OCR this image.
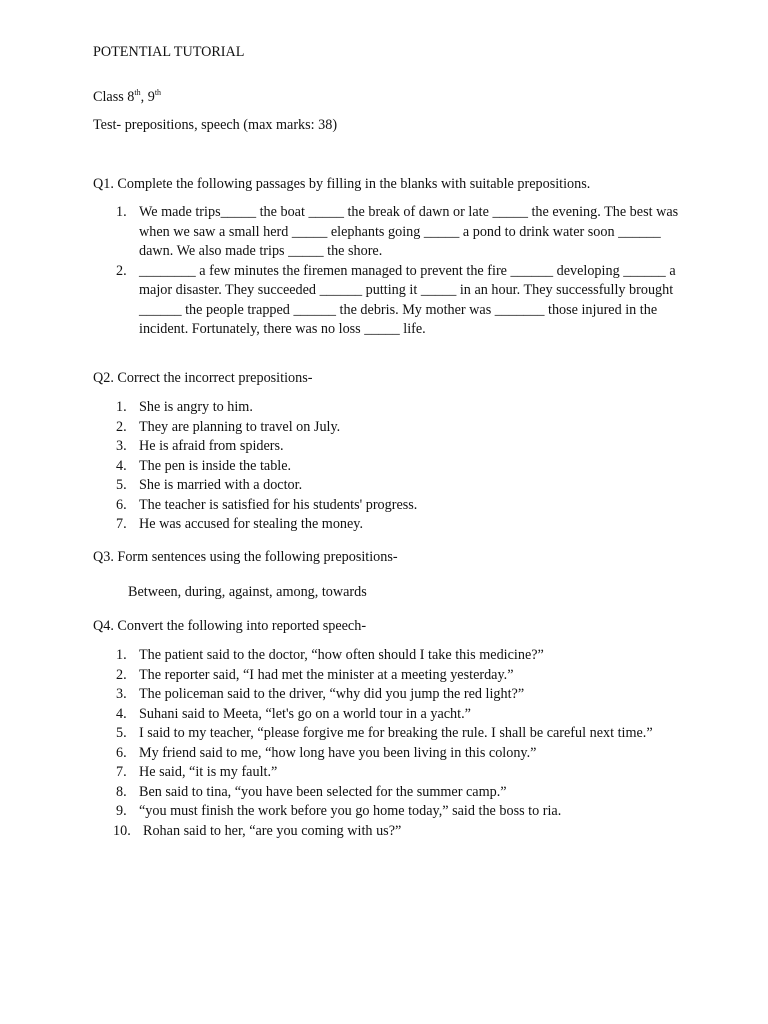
POTENTIAL TUTORIAL
Class 8th, 9th
Test- prepositions, speech (max marks: 38)
Q1. Complete the following passages by filling in the blanks with suitable prepositions.
1. We made trips_____ the boat _____ the break of dawn or late _____ the evening. The best was when we saw a small herd _____ elephants going _____ a pond to drink water soon ______ dawn. We also made trips _____ the shore.
2. ________ a few minutes the firemen managed to prevent the fire ______ developing ______ a major disaster. They succeeded ______ putting it _____ in an hour. They successfully brought ______ the people trapped ______ the debris. My mother was _______ those injured in the incident. Fortunately, there was no loss _____ life.
Q2. Correct the incorrect prepositions-
1. She is angry to him.
2. They are planning to travel on July.
3. He is afraid from spiders.
4. The pen is inside the table.
5. She is married with a doctor.
6. The teacher is satisfied for his students' progress.
7. He was accused for stealing the money.
Q3. Form sentences using the following prepositions-
Between, during, against, among, towards
Q4. Convert the following into reported speech-
1. The patient said to the doctor, “how often should I take this medicine?”
2. The reporter said, “I had met the minister at a meeting yesterday.”
3. The policeman said to the driver, “why did you jump the red light?”
4. Suhani said to Meeta, “let's go on a world tour in a yacht.”
5. I said to my teacher, “please forgive me for breaking the rule. I shall be careful next time.”
6. My friend said to me, “how long have you been living in this colony.”
7. He said, “it is my fault.”
8. Ben said to tina, “you have been selected for the summer camp.”
9. “you must finish the work before you go home today,” said the boss to ria.
10. Rohan said to her, “are you coming with us?”
